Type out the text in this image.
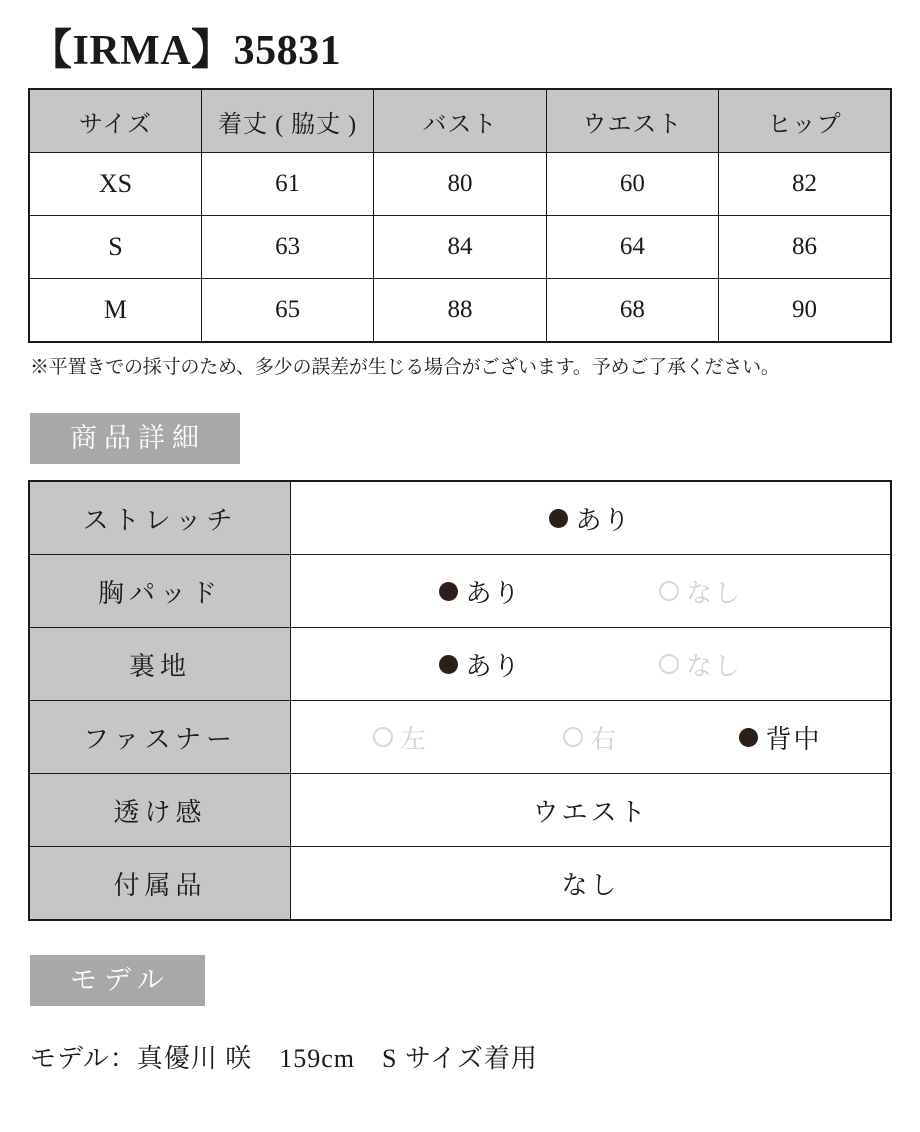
【IRMA】35831
サイズ	着丈 ( 脇丈 )	バスト	ウエスト	ヒップ
XS	61	80	60	82
S	63	84	64	86
M	65	88	68	90
※平置きでの採寸のため、多少の誤差が生じる場合がございます。予めご了承ください。
商品詳細
ストレッチ	あり

胸パッド	あり なし

裏地	あり なし

ファスナー	左 右 背中

透け感	ウエスト
付属品	なし
モデル
モデル：真優川 咲　159cm　S サイズ着用
